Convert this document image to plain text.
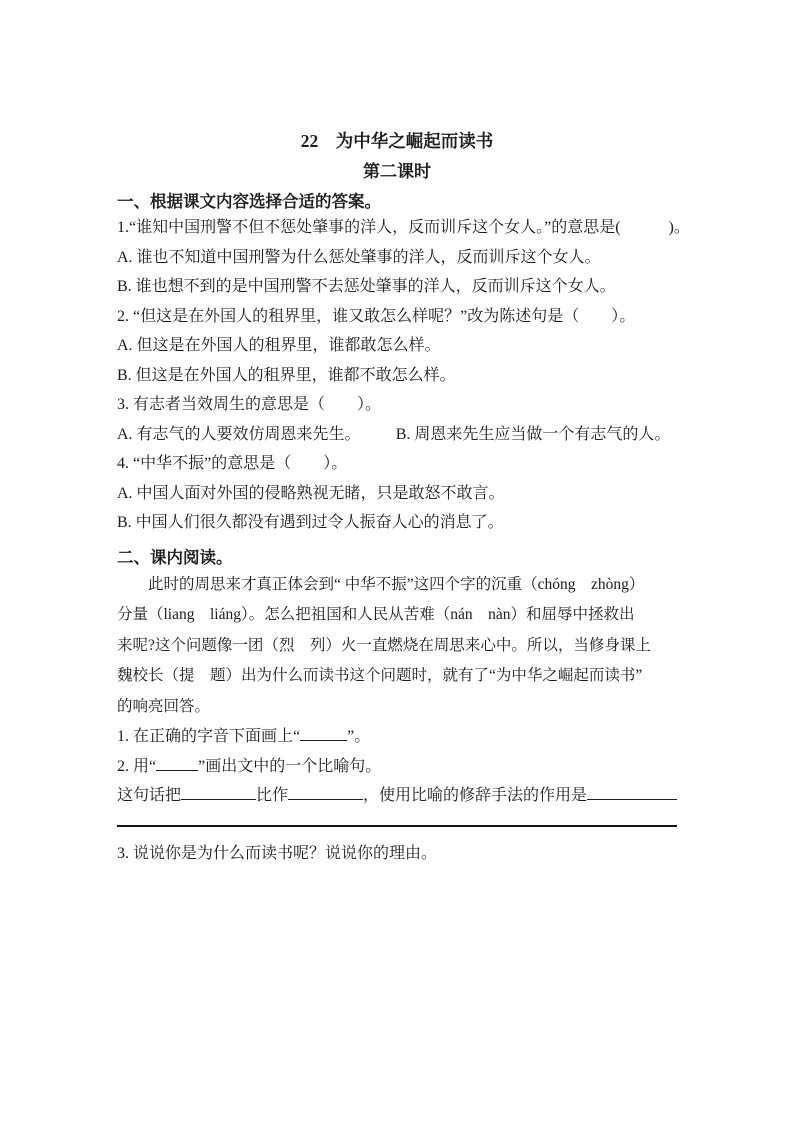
22　为中华之崛起而读书
第二课时
一、根据课文内容选择合适的答案。
1.“谁知中国刑警不但不惩处肇事的洋人，反而训斥这个女人。”的意思是(　　　)。
A. 谁也不知道中国刑警为什么惩处肇事的洋人，反而训斥这个女人。
B. 谁也想不到的是中国刑警不去惩处肇事的洋人，反而训斥这个女人。
2. “但这是在外国人的租界里，谁又敢怎么样呢？”改为陈述句是（　　）。
A. 但这是在外国人的租界里，谁都敢怎么样。
B. 但这是在外国人的租界里，谁都不敢怎么样。
3. 有志者当效周生的意思是（　　）。
A. 有志气的人要效仿周恩来先生。 B. 周恩来先生应当做一个有志气的人。
4. “中华不振”的意思是（　　）。
A. 中国人面对外国的侵略熟视无睹，只是敢怒不敢言。
B. 中国人们很久都没有遇到过令人振奋人心的消息了。
二、课内阅读。
此时的周思来才真正体会到“ 中华不振”这四个字的沉重（chóng　zhòng）
分量（liang　liáng）。怎么把祖国和人民从苦难（nán　nàn）和屈辱中拯救出
来呢?这个问题像一团（烈　列）火一直燃烧在周思来心中。所以，当修身课上
魏校长（提　题）出为什么而读书这个问题时，就有了“为中华之崛起而读书”
的响亮回答。
1. 在正确的字音下面画上“	”。
2. 用“	”画出文中的一个比喻句。
这句话把	比作	，使用比喻的修辞手法的作用是
3. 说说你是为什么而读书呢？说说你的理由。
